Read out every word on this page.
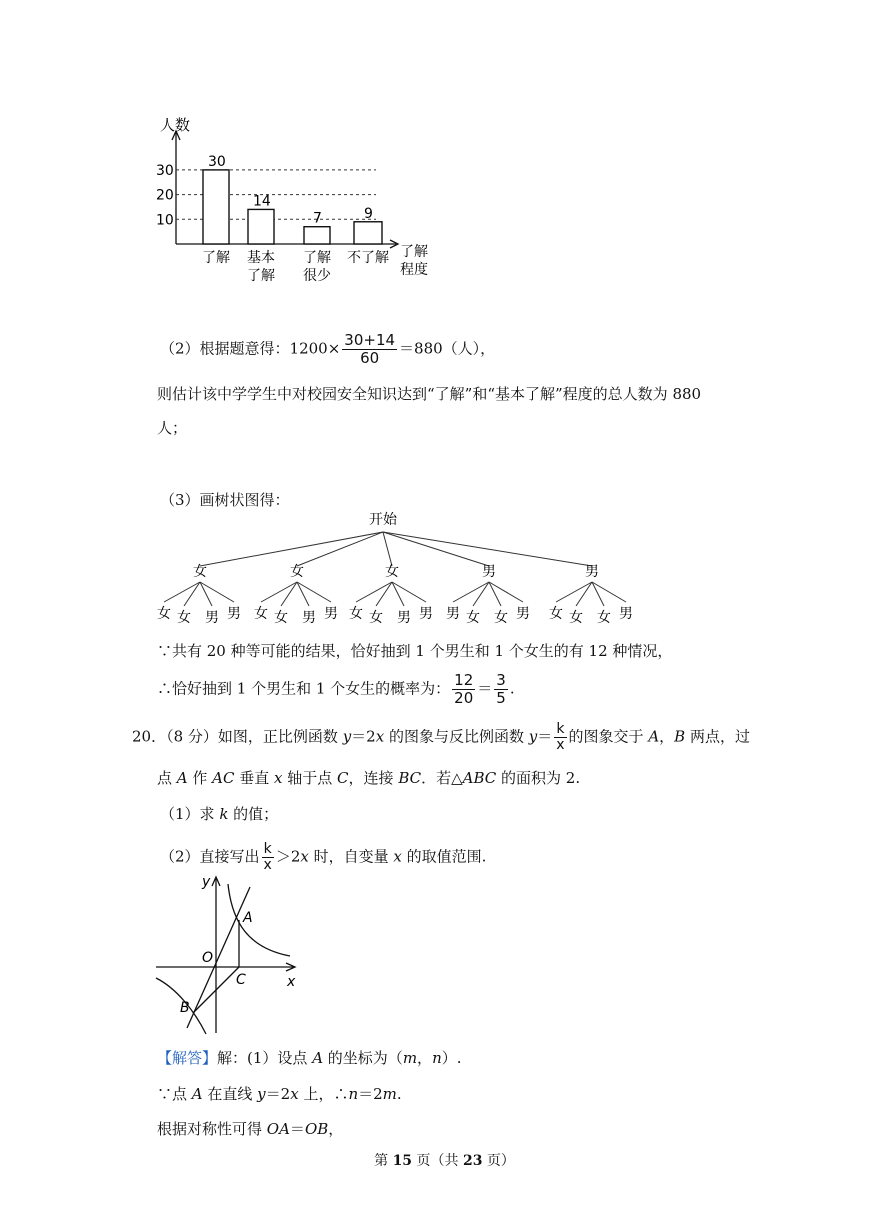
人数
了解
程度
30
20
10
30
了解
14
基本
了解
7
了解
很少
9
不了解
（2）根据题意得：$1200\times \frac{30+14}{60} =880$（人），
则估计该中学学生中对校园安全知识达到“了解”和“基本了解”程度的总人数为 880
人；
（3）画树状图得：
开始
女
女 女 男 男
女
女 女 男 男
女
女 女 男 男
男
男 女 女 男
男
女 女 女 男
∵共有 20 种等可能的结果，恰好抽到 1 个男生和 1 个女生的有 12 种情况，
∴恰好抽到 1 个男生和 1 个女生的概率为： $\frac{12}{20} = \frac{3}{5}$ .
20．（8 分）如图，正比例函数 y＝2x 的图象与反比例函数 $y= \frac{k}{x}$ 的图象交于 A，B 两点，过
点 A 作 AC 垂直 x 轴于点 C，连接 BC．若△ABC 的面积为 2.
（1）求 k 的值；
（2）直接写出 $\frac{k}{x} >2x$ 时，自变量 x 的取值范围.
y
x
O
A
B
C
【解答】解：(1）设点 A 的坐标为（m，n）.
∵点 A 在直线 y＝2x 上，∴n＝2m.
根据对称性可得 OA＝OB，
第 15 页（共 23 页）
